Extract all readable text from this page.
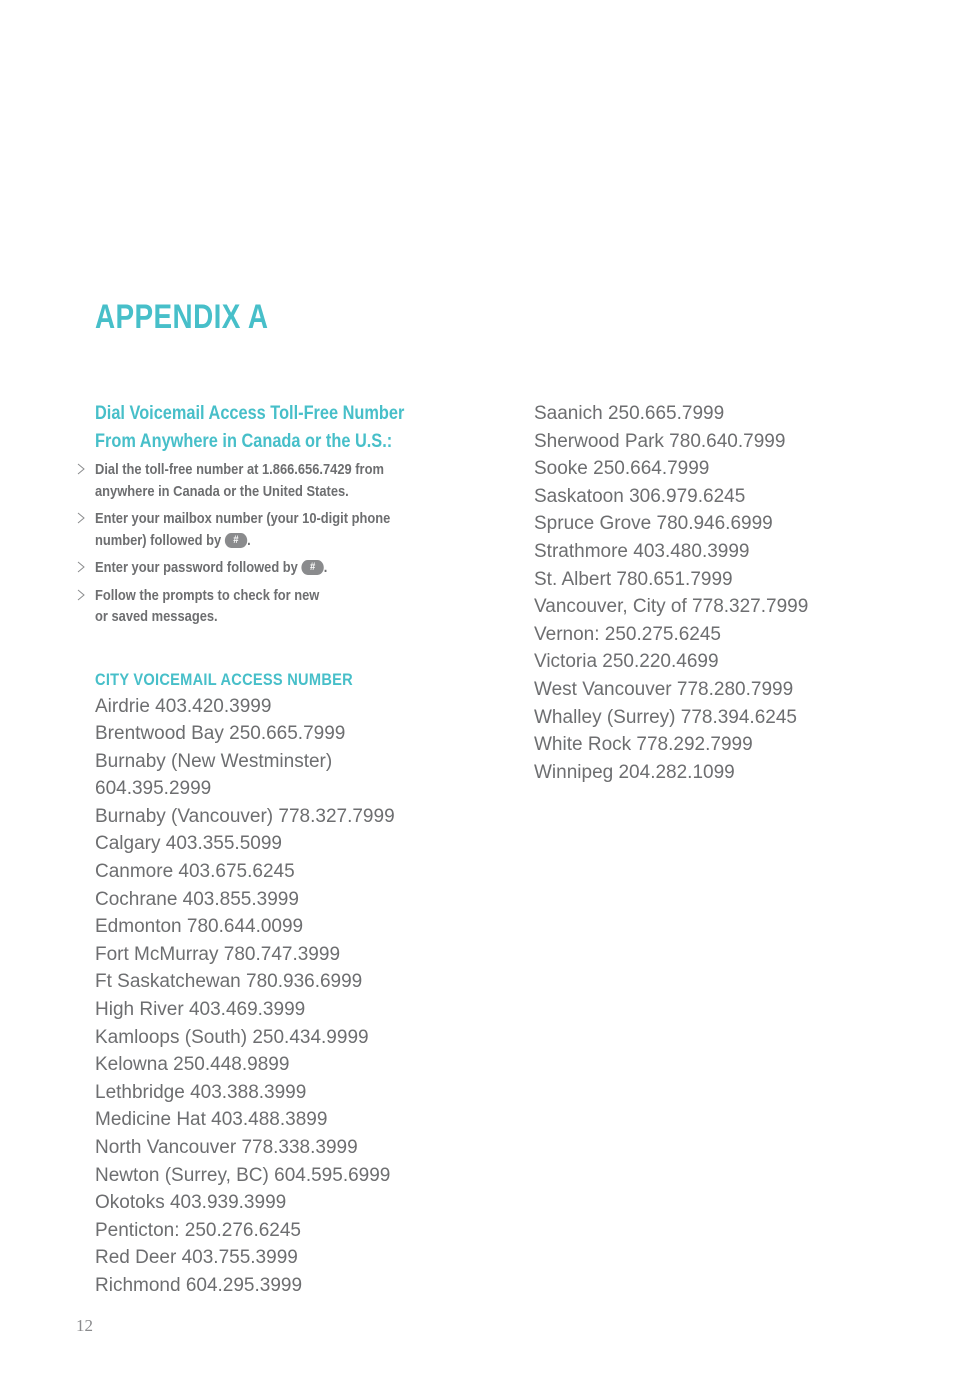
APPENDIX A
Dial Voicemail Access Toll-Free Number
From Anywhere in Canada or the U.S.:
Dial the toll-free number at 1.866.656.7429 from anywhere in Canada or the United States.
Enter your mailbox number (your 10-digit phone number) followed by # .
Enter your password followed by # .
Follow the prompts to check for new
or saved messages.
CITY VOICEMAIL ACCESS NUMBER
Airdrie 403.420.3999
Brentwood Bay 250.665.7999
Burnaby (New Westminster)
604.395.2999
Burnaby (Vancouver) 778.327.7999
Calgary 403.355.5099
Canmore 403.675.6245
Cochrane 403.855.3999
Edmonton 780.644.0099
Fort McMurray 780.747.3999
Ft Saskatchewan 780.936.6999
High River 403.469.3999
Kamloops (South) 250.434.9999
Kelowna 250.448.9899
Lethbridge 403.388.3999
Medicine Hat 403.488.3899
North Vancouver 778.338.3999
Newton (Surrey, BC) 604.595.6999
Okotoks 403.939.3999
Penticton: 250.276.6245
Red Deer 403.755.3999
Richmond 604.295.3999
Saanich 250.665.7999
Sherwood Park 780.640.7999
Sooke 250.664.7999
Saskatoon 306.979.6245
Spruce Grove 780.946.6999
Strathmore 403.480.3999
St. Albert 780.651.7999
Vancouver, City of 778.327.7999
Vernon: 250.275.6245
Victoria 250.220.4699
West Vancouver 778.280.7999
Whalley (Surrey) 778.394.6245
White Rock 778.292.7999
Winnipeg 204.282.1099
12
